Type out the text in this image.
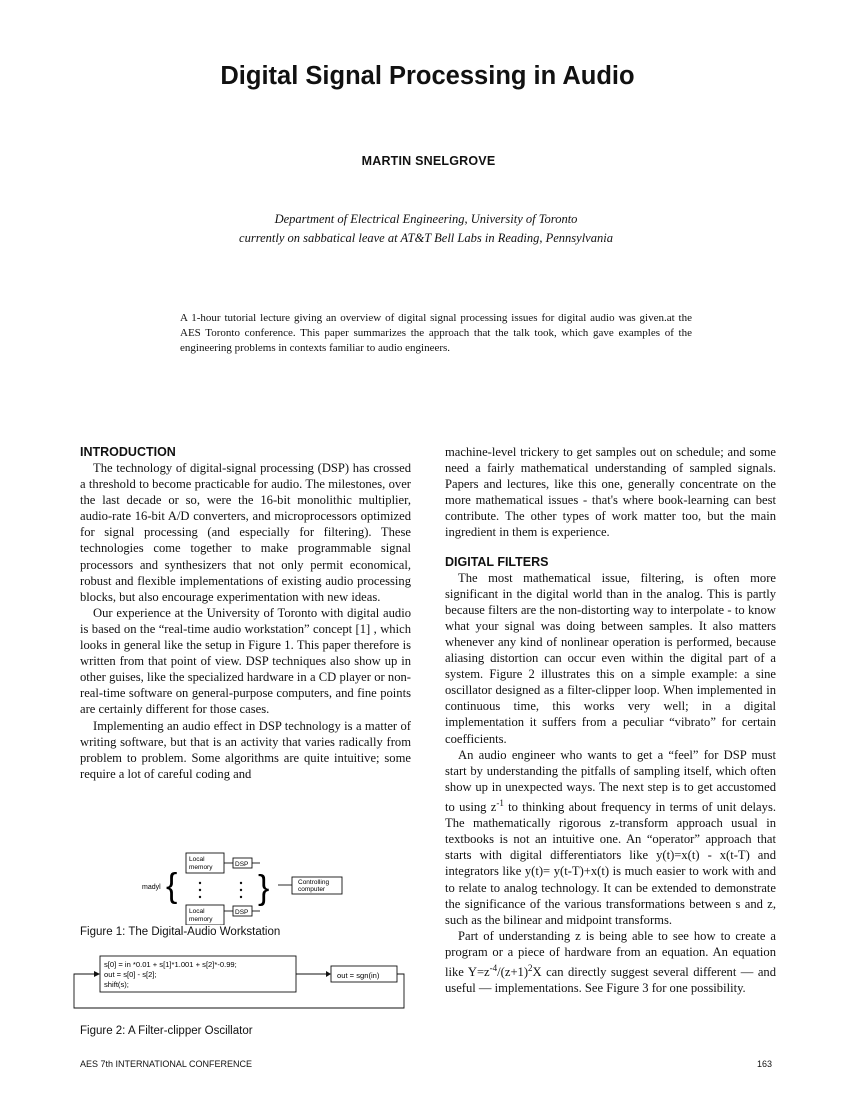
Digital Signal Processing in Audio
MARTIN SNELGROVE
Department of Electrical Engineering, University of Toronto
currently on sabbatical leave at AT&T Bell Labs in Reading, Pennsylvania
A 1-hour tutorial lecture giving an overview of digital signal processing issues for digital audio was given.at the AES Toronto conference. This paper summarizes the approach that the talk took, which gave examples of the engineering problems in contexts familiar to audio engineers.
INTRODUCTION

The technology of digital-signal processing (DSP) has crossed a threshold to become practicable for audio. The milestones, over the last decade or so, were the 16-bit monolithic multiplier, audio-rate 16-bit A/D converters, and microprocessors optimized for signal processing (and especially for filtering). These technologies come together to make programmable signal processors and synthesizers that not only permit economical, robust and flexible implementations of existing audio processing blocks, but also encourage experimentation with new ideas.

Our experience at the University of Toronto with digital audio is based on the “real-time audio workstation” concept [1] , which looks in general like the setup in Figure 1. This paper therefore is written from that point of view. DSP techniques also show up in other guises, like the specialized hardware in a CD player or non-real-time software on general-purpose computers, and fine points are certainly different for those cases.

Implementing an audio effect in DSP technology is a matter of writing software, but that is an activity that varies radically from problem to problem. Some algorithms are quite intuitive; some require a lot of careful coding and

madyl {
Local
memory	DSP
Local
memory
DSP
}	Controlling
computer
Figure 1: The Digital-Audio Workstation
s[0] = in *0.01 + s[1]*1.001 + s[2]*-0.99;
out = s[0] - s[2];
shift(s);
out = sgn(in)
Figure 2: A Filter-clipper Oscillator

machine-level trickery to get samples out on schedule; and some need a fairly mathematical understanding of sampled signals. Papers and lectures, like this one, generally concentrate on the more mathematical issues - that's where book-learning can best contribute. The other types of work matter too, but the main ingredient in them is experience.

DIGITAL FILTERS

The most mathematical issue, filtering, is often more significant in the digital world than in the analog. This is partly because filters are the non-distorting way to interpolate - to know what your signal was doing between samples. It also matters whenever any kind of nonlinear operation is performed, because aliasing distortion can occur even within the digital part of a system. Figure 2 illustrates this on a simple example: a sine oscillator designed as a filter-clipper loop. When implemented in continuous time, this works very well; in a digital implementation it suffers from a peculiar “vibrato” for certain coefficients.

An audio engineer who wants to get a “feel” for DSP must start by understanding the pitfalls of sampling itself, which often show up in unexpected ways. The next step is to get accustomed to using $z^{-1}$ to thinking about frequency in terms of unit delays. The mathematically rigorous z-transform approach usual in textbooks is not an intuitive one. An “operator” approach that starts with digital differentiators like y(t)=x(t) - x(t-T) and integrators like y(t)= y(t-T)+x(t) is much easier to work with and to relate to analog technology. It can be extended to demonstrate the significance of the various transformations between s and z, such as the bilinear and midpoint transforms.

Part of understanding z is being able to see how to create a program or a piece of hardware from an equation. An equation like $Y=z^{-4}/(z+1)^2X$ can directly suggest several different — and useful — implementations. See Figure 3 for one possibility.

AES 7th INTERNATIONAL CONFERENCE	163
